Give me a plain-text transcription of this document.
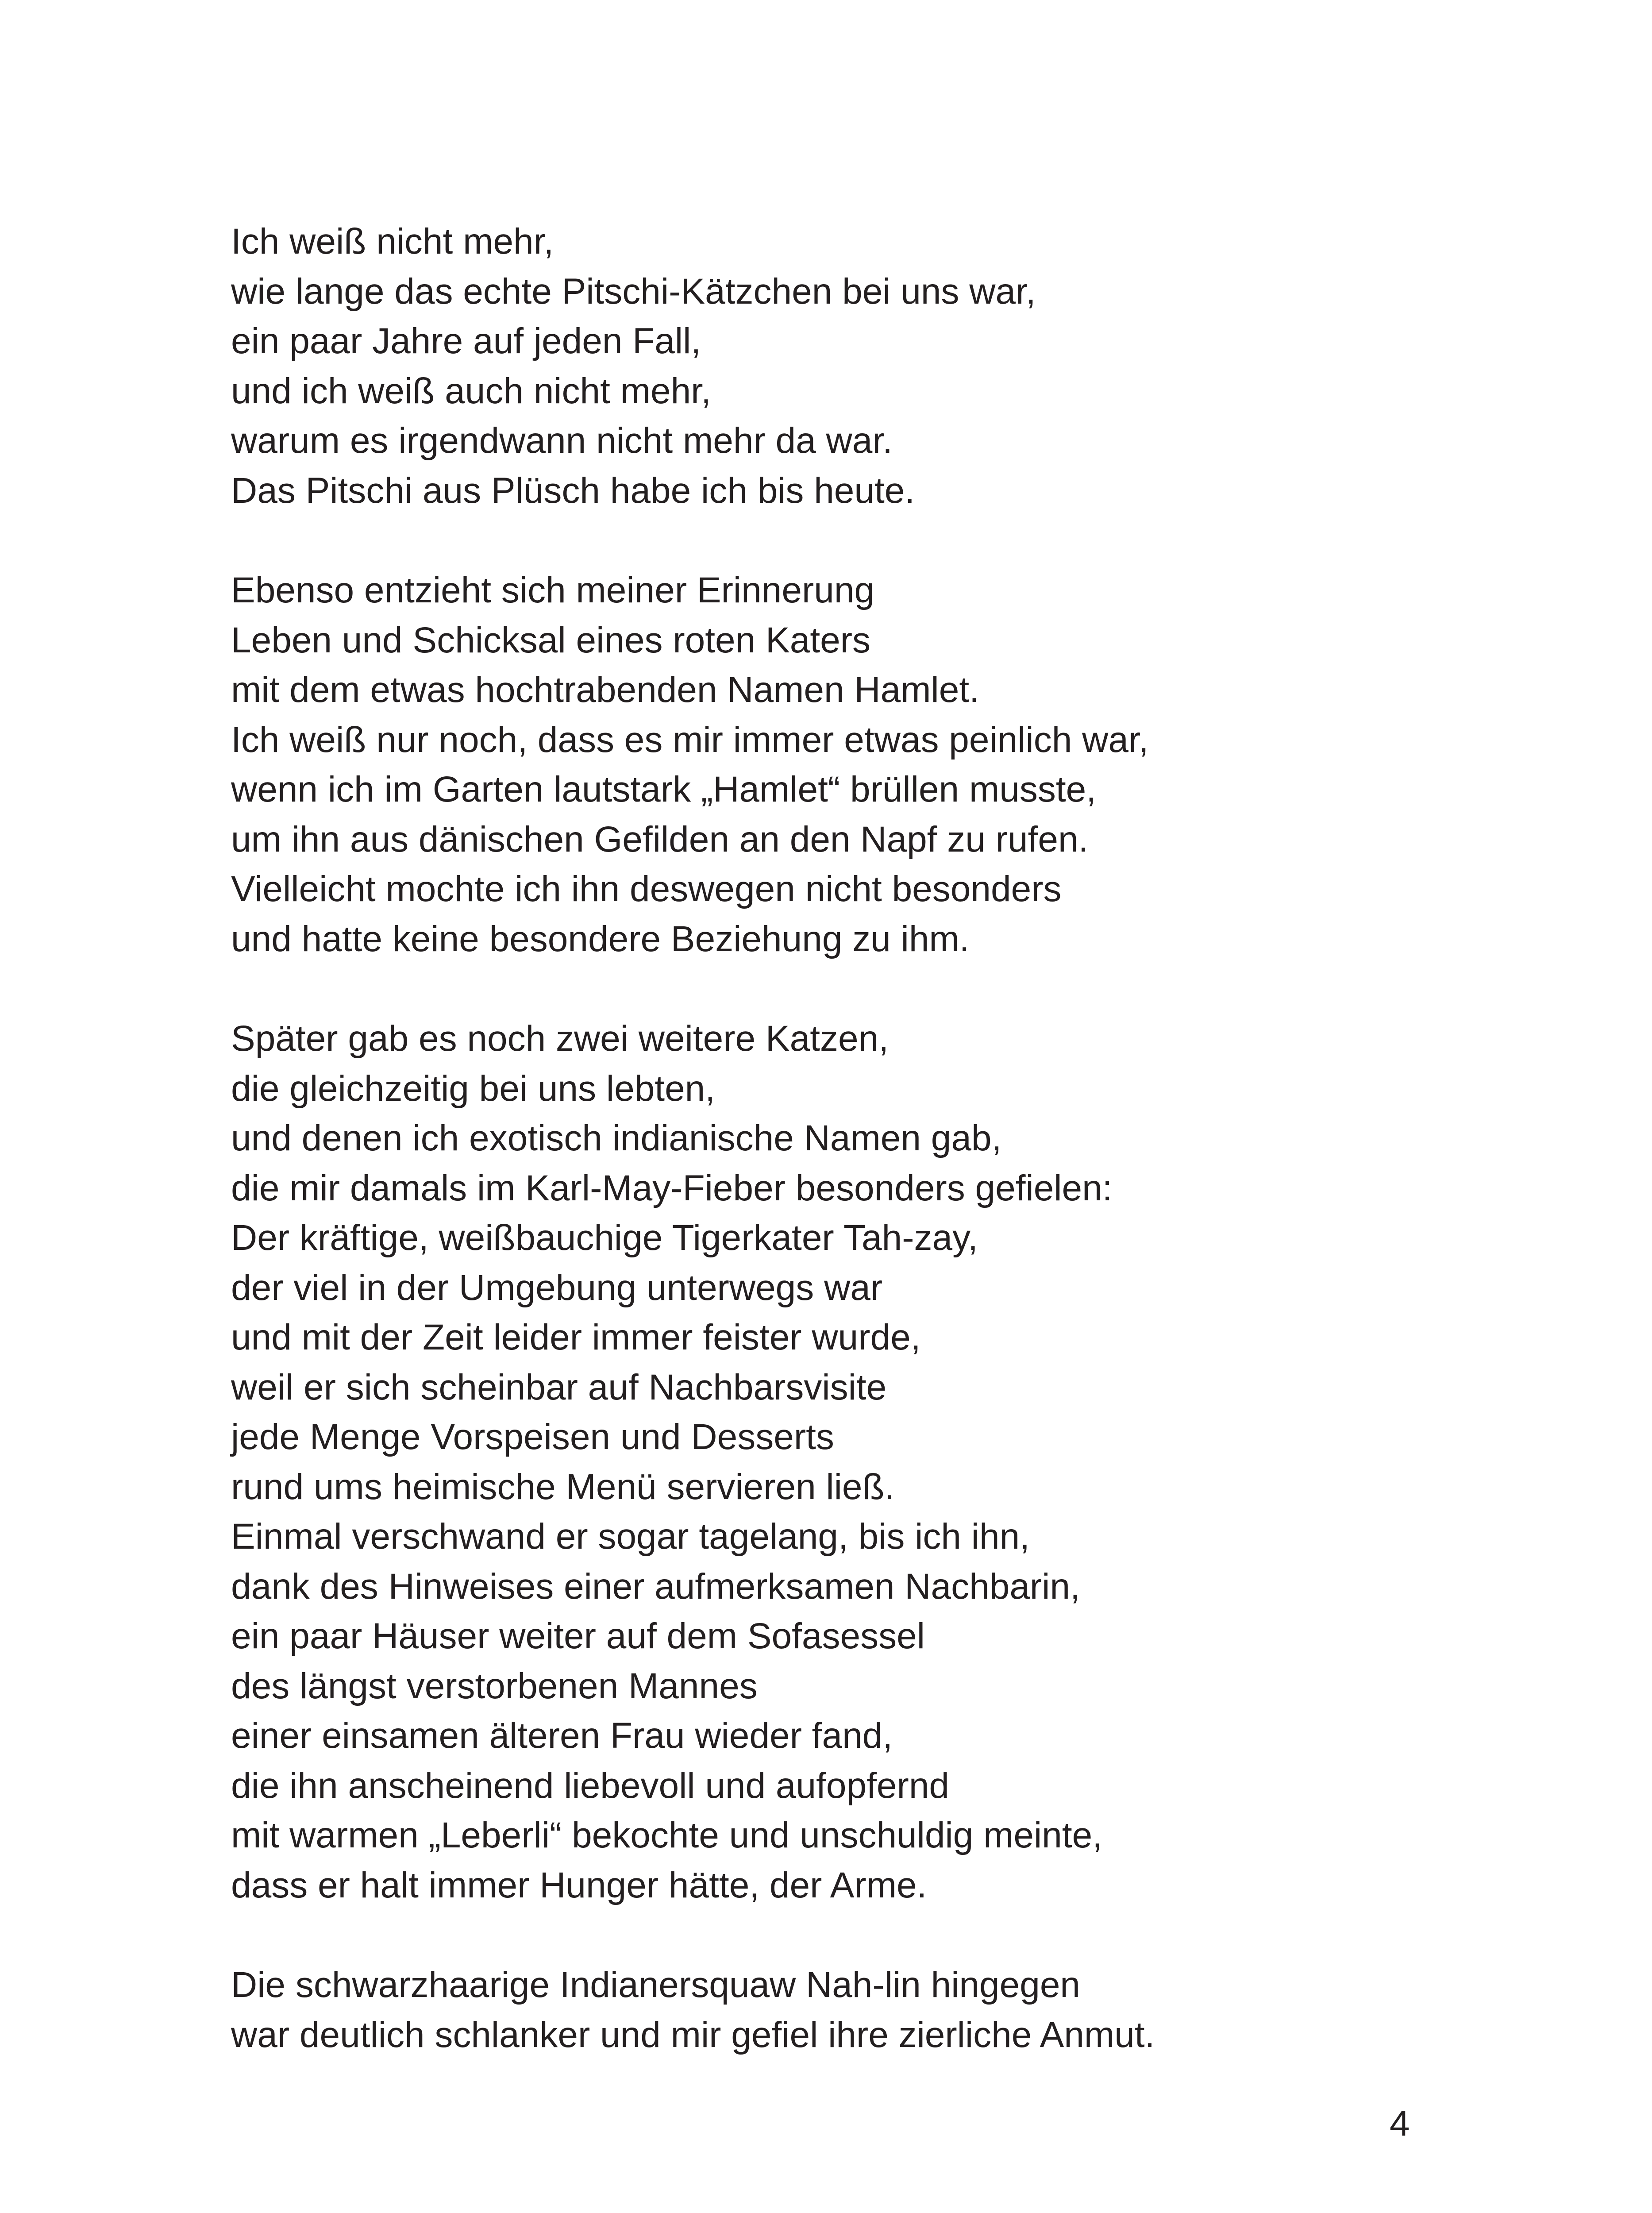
Ich weiß nicht mehr,
wie lange das echte Pitschi-Kätzchen bei uns war,
ein paar Jahre auf jeden Fall,
und ich weiß auch nicht mehr,
warum es irgendwann nicht mehr da war.
Das Pitschi aus Plüsch habe ich bis heute.
Ebenso entzieht sich meiner Erinnerung
Leben und Schicksal eines roten Katers
mit dem etwas hochtrabenden Namen Hamlet.
Ich weiß nur noch, dass es mir immer etwas peinlich war,
wenn ich im Garten lautstark „Hamlet“ brüllen musste,
um ihn aus dänischen Gefilden an den Napf zu rufen.
Vielleicht mochte ich ihn deswegen nicht besonders
und hatte keine besondere Beziehung zu ihm.
Später gab es noch zwei weitere Katzen,
die gleichzeitig bei uns lebten,
und denen ich exotisch indianische Namen gab,
die mir damals im Karl-May-Fieber besonders gefielen:
Der kräftige, weißbauchige Tigerkater Tah-zay,
der viel in der Umgebung unterwegs war
und mit der Zeit leider immer feister wurde,
weil er sich scheinbar auf Nachbarsvisite
jede Menge Vorspeisen und Desserts
rund ums heimische Menü servieren ließ.
Einmal verschwand er sogar tagelang, bis ich ihn,
dank des Hinweises einer aufmerksamen Nachbarin,
ein paar Häuser weiter auf dem Sofasessel
des längst verstorbenen Mannes
einer einsamen älteren Frau wieder fand,
die ihn anscheinend liebevoll und aufopfernd
mit warmen „Leberli“ bekochte und unschuldig meinte,
dass er halt immer Hunger hätte, der Arme.
Die schwarzhaarige Indianersquaw Nah-lin hingegen
war deutlich schlanker und mir gefiel ihre zierliche Anmut.
4
